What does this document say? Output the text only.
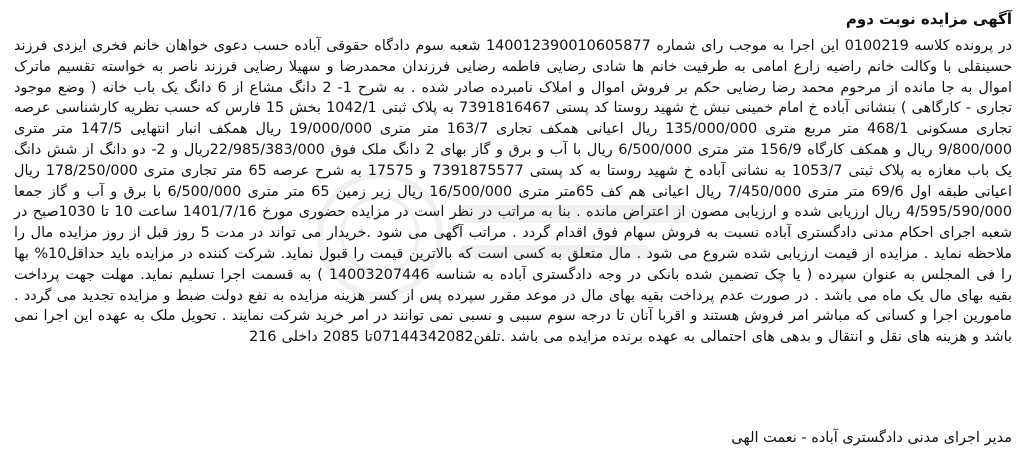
آگهی مزایده نوبت دوم

در پرونده کلاسه 0100219 این اجرا به موجب رای شماره 140012390010605877 شعبه سوم دادگاه حقوقی آباده حسب دعوی خواهان خانم فخری ایزدی فرزند حسینقلی با وکالت خانم راضیه زارع امامی به طرفیت خانم ها شادی رضایی فاطمه رضایی فرزندان محمدرضا و سهیلا رضایی فرزند ناصر به خواسته تقسیم ماترک اموال به جا مانده از مرحوم محمد رضا رضایی حکم بر فروش اموال و املاک نامبرده صادر شده . به شرح 1- 2 دانگ مشاع از 6 دانگ یک باب خانه ( وضع موجود تجاری - کارگاهی ) بنشانی آباده خ امام خمینی نبش خ شهید روستا کد پستی 7391816467 به پلاک ثبتی 1042/1 بخش 15 فارس که حسب نظریه کارشناسی عرصه تجاری مسکونی 468/1 متر مربع متری 135/000/000 ریال اعیانی همکف تجاری 163/7 متر متری 19/000/000 ریال همکف انبار انتهایی 147/5 متر متری 9/800/000 ریال و همکف کارگاه 156/9 متر متری 6/500/000 ریال با آب و برق و گاز بهای 2 دانگ ملک فوق 22/985/383/000ریال و 2- دو دانگ از شش دانگ یک باب مغازه به پلاک ثبتی 1053/7 به نشانی آباده خ شهید روستا به کد پستی 7391875577 و 17575 به شرح عرصه 65 متر تجاری متری 178/250/000 ریال اعیانی طبقه اول 69/6 متر متری 7/450/000 ریال اعیانی هم کف 65متر متری 16/500/000 ریال زیر زمین 65 متر متری 6/500/000 با برق و آب و گاز جمعا 4/595/590/000 ریال ارزیابی شده و ارزیابی مصون از اعتراض مانده . بنا به مراتب در نظر است در مزایده حضوری مورخ 1401/7/16 ساعت 10 تا 1030صبح در شعبه اجرای احکام مدنی دادگستری آباده نسبت به فروش سهام فوق اقدام گردد . مراتب آگهی می شود .خریدار می تواند در مدت 5 روز قبل از روز مزایده مال را ملاحظه نماید . مزایده از قیمت ارزیابی شده شروع می شود . مال متعلق به کسی است که بالاترین قیمت را قبول نماید. شرکت کننده در مزایده باید حداقل10% بها را فی المجلس به عنوان سپرده ( یا چک تضمین شده بانکی در وجه دادگستری آباده به شناسه 14003207446 ) به قسمت اجرا تسلیم نماید. مهلت جهت پرداخت بقیه بهای مال یک ماه می باشد . در صورت عدم پرداخت بقیه بهای مال در موعد مقرر سپرده پس از کسر هزینه مزایده به نفع دولت ضبط و مزایده تجدید می گردد . مامورین اجرا و کسانی که مباشر امر فروش هستند و اقربا آنان تا درجه سوم سببی و نسبی نمی توانند در امر خرید شرکت نمایند . تحویل ملک به عهده این اجرا نمی باشد و هزینه های نقل و انتقال و بدهی های احتمالی به عهده برنده مزایده می باشد .تلفن07144342082تا 2085 داخلی 216

مدیر اجرای مدنی دادگستری آباده - نعمت الهی
